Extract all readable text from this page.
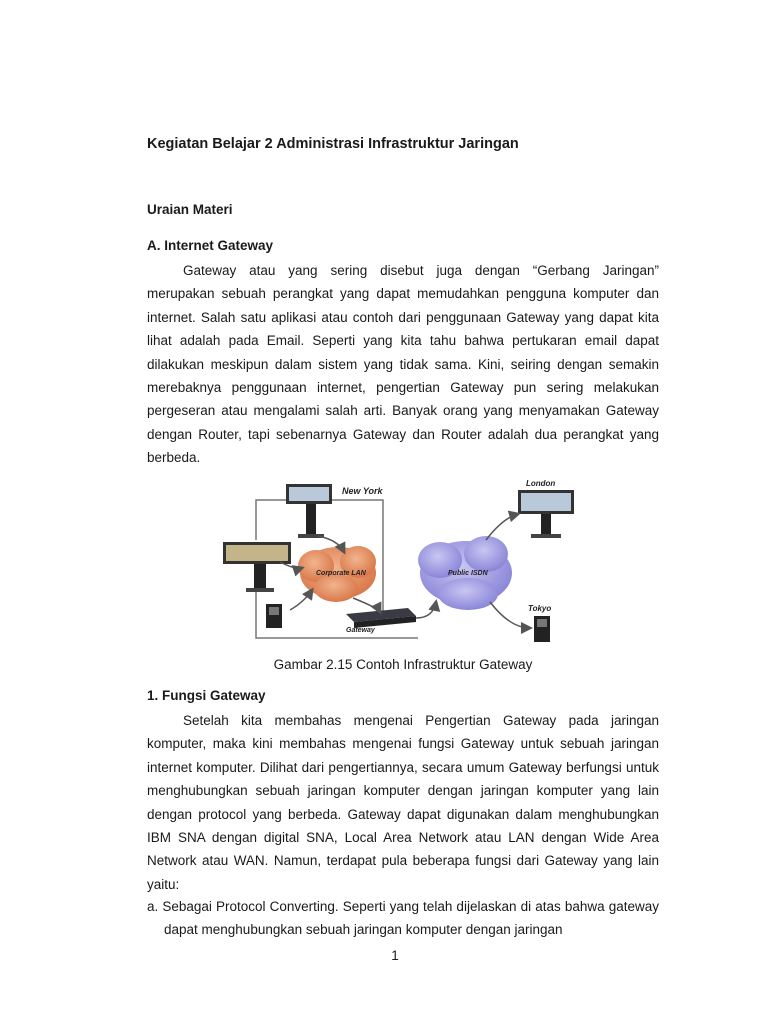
Kegiatan Belajar 2 Administrasi Infrastruktur Jaringan
Uraian Materi
A. Internet Gateway
Gateway atau yang sering disebut juga dengan “Gerbang Jaringan”
merupakan sebuah perangkat yang dapat memudahkan pengguna komputer dan internet. Salah satu aplikasi atau contoh dari penggunaan Gateway yang dapat kita lihat adalah pada Email. Seperti yang kita tahu bahwa pertukaran email dapat dilakukan meskipun dalam sistem yang tidak sama. Kini, seiring dengan semakin merebaknya penggunaan internet, pengertian Gateway pun sering melakukan pergeseran atau mengalami salah arti. Banyak orang yang menyamakan Gateway dengan Router, tapi sebenarnya Gateway dan Router adalah dua perangkat yang berbeda.
New York
Corporate LAN
Gateway
Public ISDN
London
Tokyo
Gambar 2.15 Contoh Infrastruktur Gateway
1. Fungsi Gateway
Setelah kita membahas mengenai Pengertian Gateway pada jaringan komputer, maka kini membahas mengenai fungsi Gateway untuk sebuah jaringan internet komputer. Dilihat dari pengertiannya, secara umum Gateway berfungsi untuk menghubungkan sebuah jaringan komputer dengan jaringan komputer yang lain dengan protocol yang berbeda. Gateway dapat digunakan dalam menghubungkan IBM SNA dengan digital SNA, Local Area Network atau LAN dengan Wide Area Network atau WAN. Namun, terdapat pula beberapa fungsi dari Gateway yang lain yaitu:
a. Sebagai Protocol Converting. Seperti yang telah dijelaskan di atas bahwa gateway dapat menghubungkan sebuah jaringan komputer dengan jaringan
1
